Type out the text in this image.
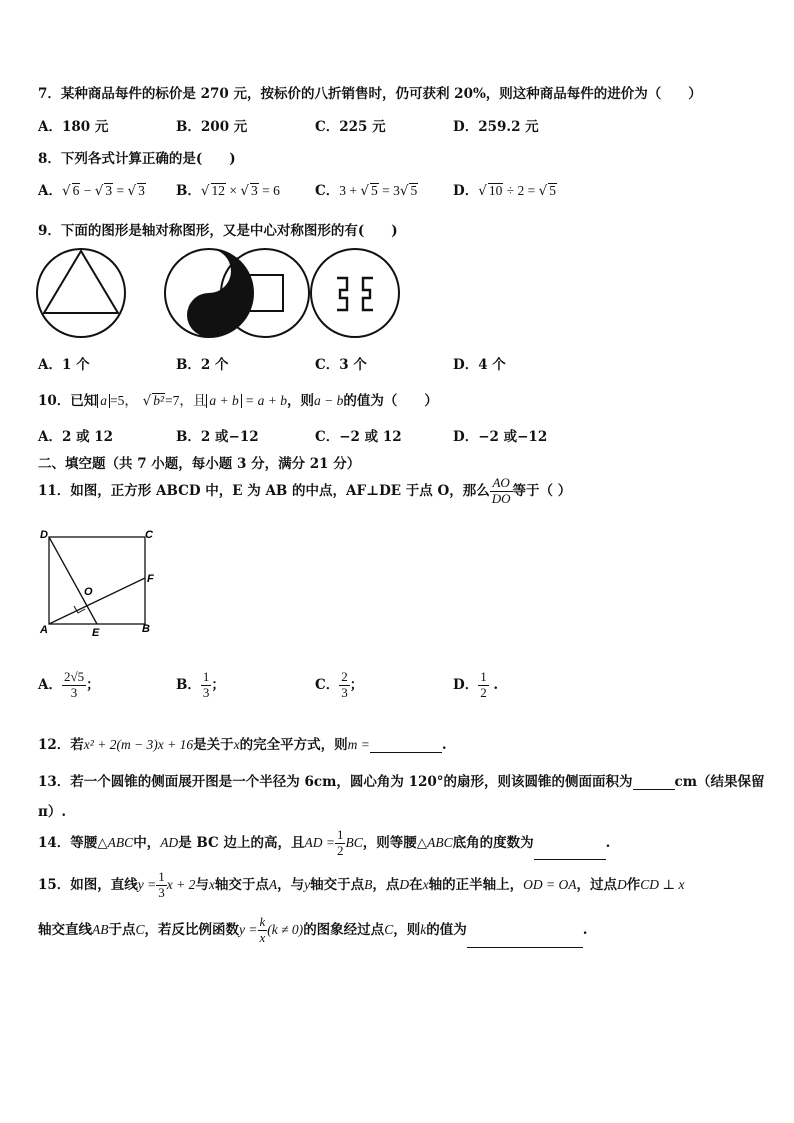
7．某种商品每件的标价是 270 元，按标价的八折销售时，仍可获利 20%，则这种商品每件的进价为（　　）
A．180 元	B．200 元	C．225 元	D．259.2 元
8．下列各式计算正确的是(　　)
A．√ 6 − √ 3 = √ 3 B．√ 12 × √ 3 = 6	C．3 + √ 5 = 3√ 5	D．√ 10 ÷ 2 = √ 5
9．下面的图形是轴对称图形，又是中心对称图形的有(　　)
A．1 个	B．2 个	C．3 个	D．4 个
10．已知 a =5， √ b²=7，且 a + b = a + b，则a − b的值为（　　）
A．2 或 12	B．2 或−12	C．−2 或 12	D．−2 或−12
二、填空题（共 7 小题，每小题 3 分，满分 21 分）
11．如图，正方形 ABCD 中，E 为 AB 的中点，AF⊥DE 于点 O，那么 $\frac{AO}{DO}$ 等于（ ）
D	C
F
O
A	E	B
A． $\frac{2√5}{3}$ ；	B． $\frac{1}{3}$ ；	C． $\frac{2}{3}$ ；	D． $\frac{1}{2}$ .
12．若x² + 2(m − 3)x + 16是关于x的完全平方式，则m =	.
13．若一个圆锥的侧面展开图是一个半径为 6cm，圆心角为 120°的扇形，则该圆锥的侧面面积为	cm（结果保留
π）.
14．等腰△ABC中，AD是 BC 边上的高，且AD = $\frac{1}{2}$ BC，则等腰△ABC底角的度数为	.
15．如图，直线$y = \frac{1}{3}$ x + 2与x轴交于点A，与y轴交于点B，点D在x轴的正半轴上，OD = OA，过点D作CD ⊥ x
轴交直线AB于点C，若反比例函数$y = \frac{k}{x} (k \ne 0)$的图象经过点C，则k的值为	.
